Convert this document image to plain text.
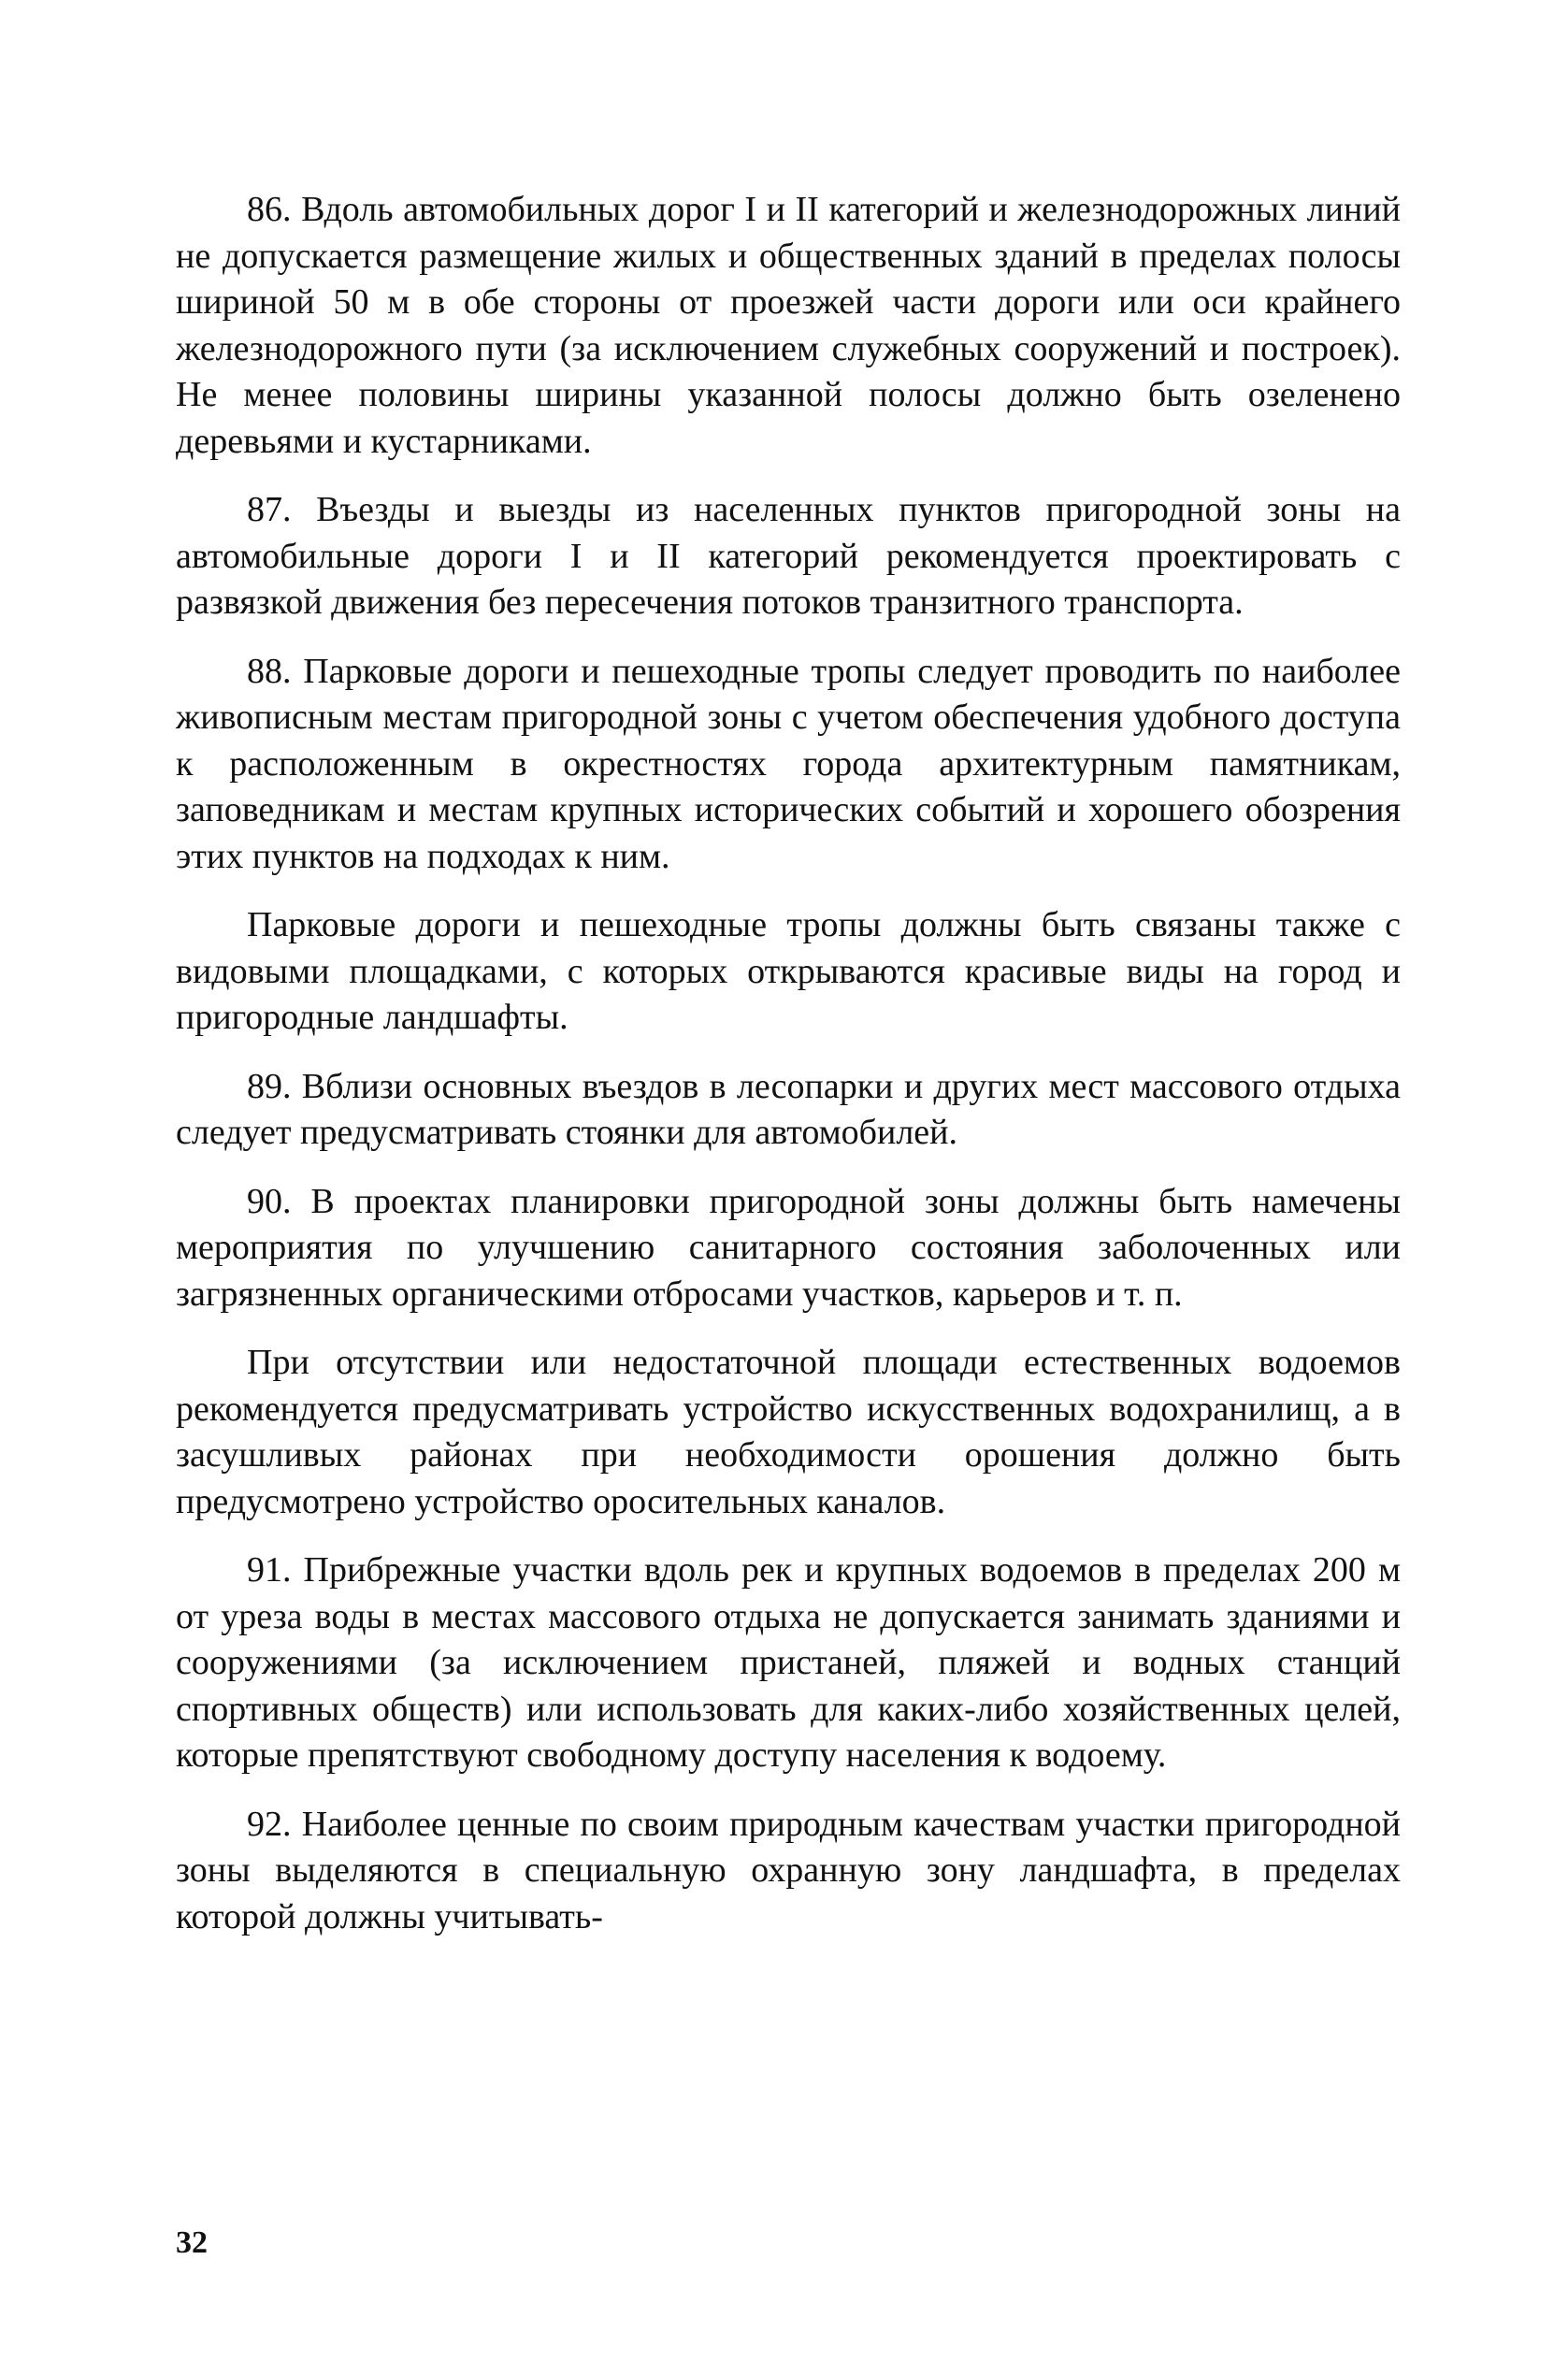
86. Вдоль автомобильных дорог I и II категорий и железнодорожных линий не допускается размещение жилых и общественных зданий в пределах полосы шириной 50 м в обе стороны от проезжей части дороги или оси крайнего железнодорожного пути (за исключением служебных сооружений и построек). Не менее половины ширины указанной полосы должно быть озеленено деревьями и кустарниками.

87. Въезды и выезды из населенных пунктов пригородной зоны на автомобильные дороги I и II категорий рекомендуется проектировать с развязкой движения без пересечения потоков транзитного транспорта.

88. Парковые дороги и пешеходные тропы следует проводить по наиболее живописным местам пригородной зоны с учетом обеспечения удобного доступа к расположенным в окрестностях города архитектурным памятникам, заповедникам и местам крупных исторических событий и хорошего обозрения этих пунктов на подходах к ним.

Парковые дороги и пешеходные тропы должны быть связаны также с видовыми площадками, с которых открываются красивые виды на город и пригородные ландшафты.

89. Вблизи основных въездов в лесопарки и других мест массового отдыха следует предусматривать стоянки для автомобилей.

90. В проектах планировки пригородной зоны должны быть намечены мероприятия по улучшению санитарного состояния заболоченных или загрязненных органическими отбросами участков, карьеров и т. п.

При отсутствии или недостаточной площади естественных водоемов рекомендуется предусматривать устройство искусственных водохранилищ, а в засушливых районах при необходимости орошения должно быть предусмотрено устройство оросительных каналов.

91. Прибрежные участки вдоль рек и крупных водоемов в пределах 200 м от уреза воды в местах массового отдыха не допускается занимать зданиями и сооружениями (за исключением пристаней, пляжей и водных станций спортивных обществ) или использовать для каких-либо хозяйственных целей, которые препятствуют свободному доступу населения к водоему.

92. Наиболее ценные по своим природным качествам участки пригородной зоны выделяются в специальную охранную зону ландшафта, в пределах которой должны учитывать-

32
